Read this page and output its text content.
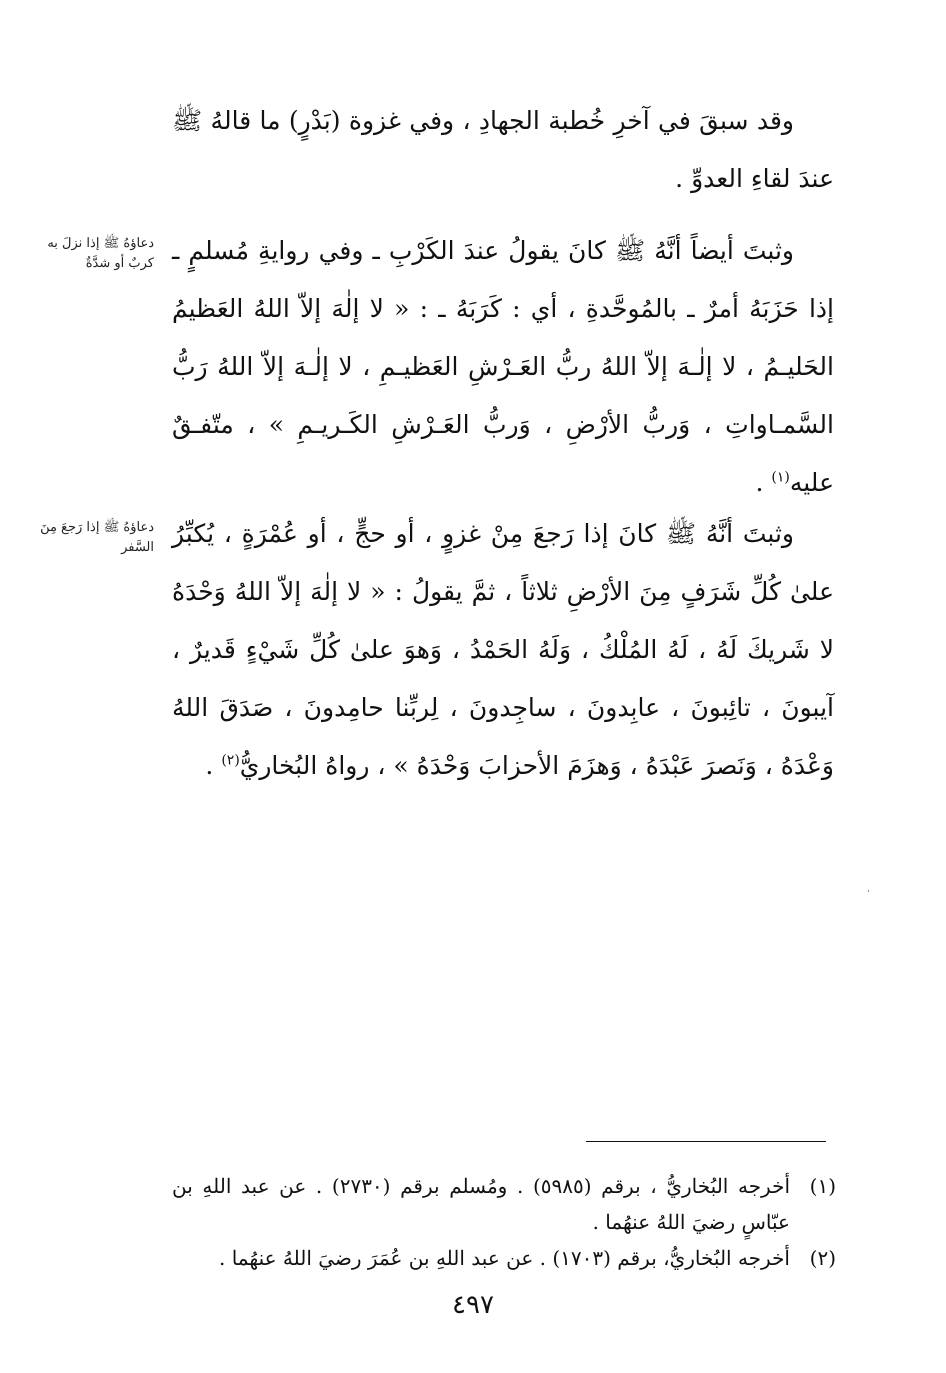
وقد سبقَ في آخرِ خُطبة الجهادِ ، وفي غزوة (بَدْرٍ) ما قالهُ ﷺ عندَ لقاءِ العدوِّ .

دعاؤهُ ﷺ إذا نزلَ به كربٌ أو شدَّةٌ وثبتَ أيضاً أنَّهُ ﷺ كانَ يقولُ عندَ الكَرْبِ ـ وفي روايةِ مُسلمٍ ـ إذا حَزَبَهُ أمرٌ ـ بالمُوحَّدةِ ، أي : كَرَبَهُ ـ : « لا إلٰهَ إلاّ اللهُ العَظيمُ الحَليـمُ ، لا إلٰـهَ إلاّ اللهُ ربُّ العَـرْشِ العَظيـمِ ، لا إلٰـهَ إلاّ اللهُ رَبُّ السَّمـاواتِ ، وَربُّ الأرْضِ ، وَربُّ العَـرْشِ الكَـريـمِ » ، متّفـقٌ عليه$^{(١)}$ .

دعاؤهُ ﷺ إذا رَجعَ مِنَ السَّفر وثبتَ أنَّهُ ﷺ كانَ إذا رَجعَ مِنْ غزوٍ ، أو حجٍّ ، أو عُمْرَةٍ ، يُكبِّرُ علىٰ كُلِّ شَرَفٍ مِنَ الأرْضِ ثلاثاً ، ثمَّ يقولُ : « لا إلٰهَ إلاّ اللهُ وَحْدَهُ لا شَريكَ لَهُ ، لَهُ المُلْكُ ، وَلَهُ الحَمْدُ ، وَهوَ علىٰ كُلِّ شَيْءٍ قَديرٌ ، آيبونَ ، تائِبونَ ، عابِدونَ ، ساجِدونَ ، لِربِّنا حامِدونَ ، صَدَقَ اللهُ وَعْدَهُ ، وَنَصرَ عَبْدَهُ ، وَهزَمَ الأحزابَ وَحْدَهُ » ، رواهُ البُخاريُّ$^{(٢)}$ .

،
(١)
أخرجه البُخاريُّ ، برقم (٥٩٨٥) . ومُسلم برقم (٢٧٣٠) . عن عبد اللهِ بن عبّاسٍ رضيَ اللهُ عنهُما .
(٢)
أخرجه البُخاريُّ، برقم (١٧٠٣) . عن عبد اللهِ بن عُمَرَ رضيَ اللهُ عنهُما .
٤٩٧
